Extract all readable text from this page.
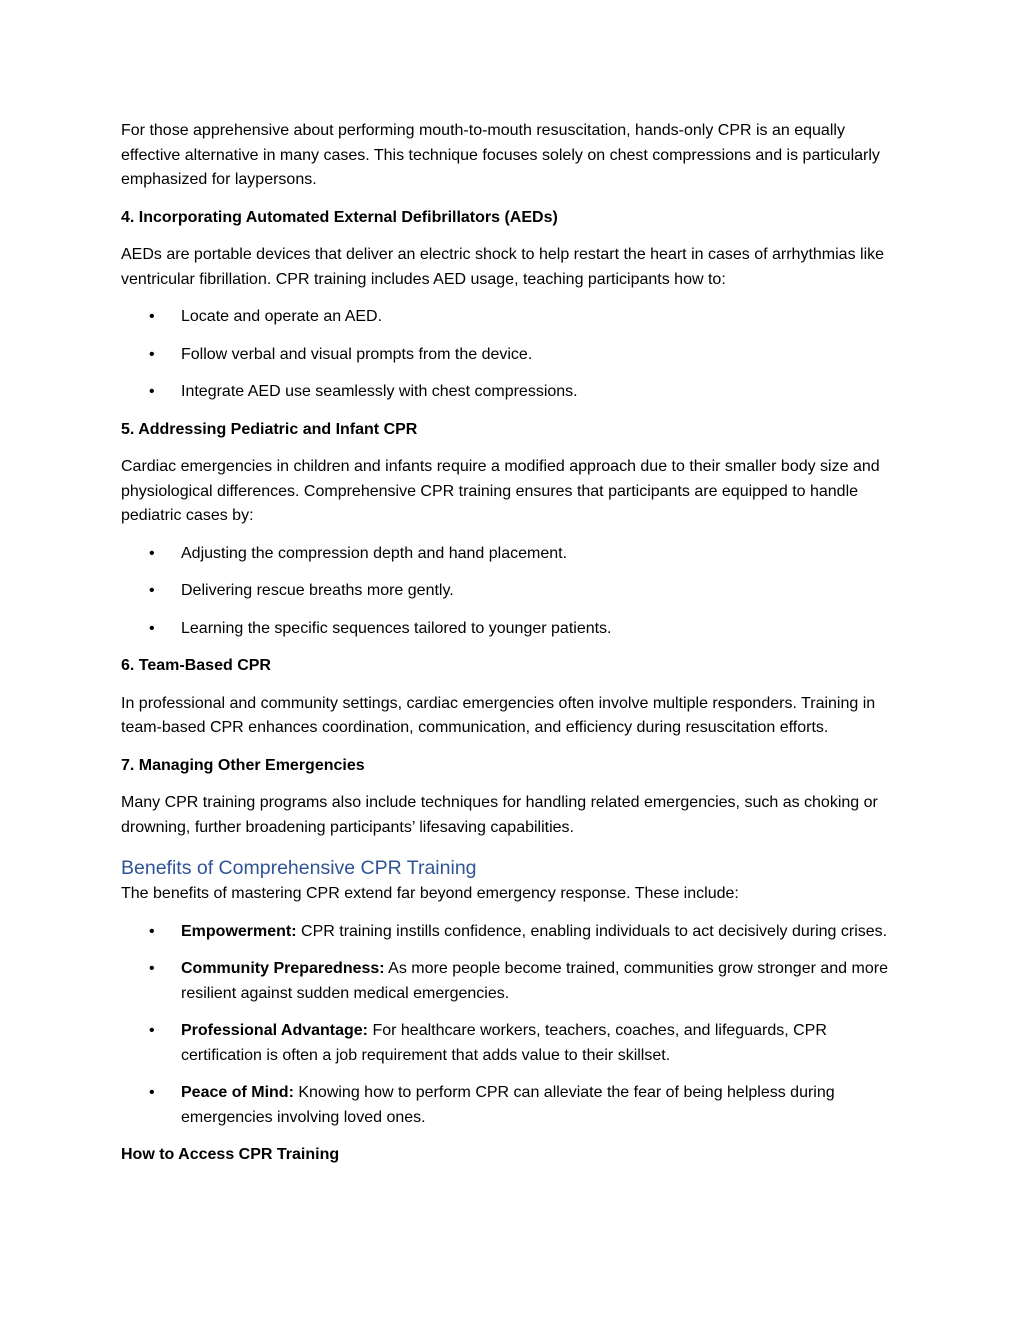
For those apprehensive about performing mouth-to-mouth resuscitation, hands-only CPR is an equally effective alternative in many cases. This technique focuses solely on chest compressions and is particularly emphasized for laypersons.

4. Incorporating Automated External Defibrillators (AEDs)

AEDs are portable devices that deliver an electric shock to help restart the heart in cases of arrhythmias like ventricular fibrillation. CPR training includes AED usage, teaching participants how to:

• Locate and operate an AED.
• Follow verbal and visual prompts from the device.
• Integrate AED use seamlessly with chest compressions.

5. Addressing Pediatric and Infant CPR

Cardiac emergencies in children and infants require a modified approach due to their smaller body size and physiological differences. Comprehensive CPR training ensures that participants are equipped to handle pediatric cases by:

• Adjusting the compression depth and hand placement.
• Delivering rescue breaths more gently.
• Learning the specific sequences tailored to younger patients.

6. Team-Based CPR

In professional and community settings, cardiac emergencies often involve multiple responders. Training in team-based CPR enhances coordination, communication, and efficiency during resuscitation efforts.

7. Managing Other Emergencies

Many CPR training programs also include techniques for handling related emergencies, such as choking or drowning, further broadening participants’ lifesaving capabilities.

Benefits of Comprehensive CPR Training

The benefits of mastering CPR extend far beyond emergency response. These include:

• Empowerment: CPR training instills confidence, enabling individuals to act decisively during crises.
• Community Preparedness: As more people become trained, communities grow stronger and more resilient against sudden medical emergencies.
• Professional Advantage: For healthcare workers, teachers, coaches, and lifeguards, CPR certification is often a job requirement that adds value to their skillset.
• Peace of Mind: Knowing how to perform CPR can alleviate the fear of being helpless during emergencies involving loved ones.

How to Access CPR Training
